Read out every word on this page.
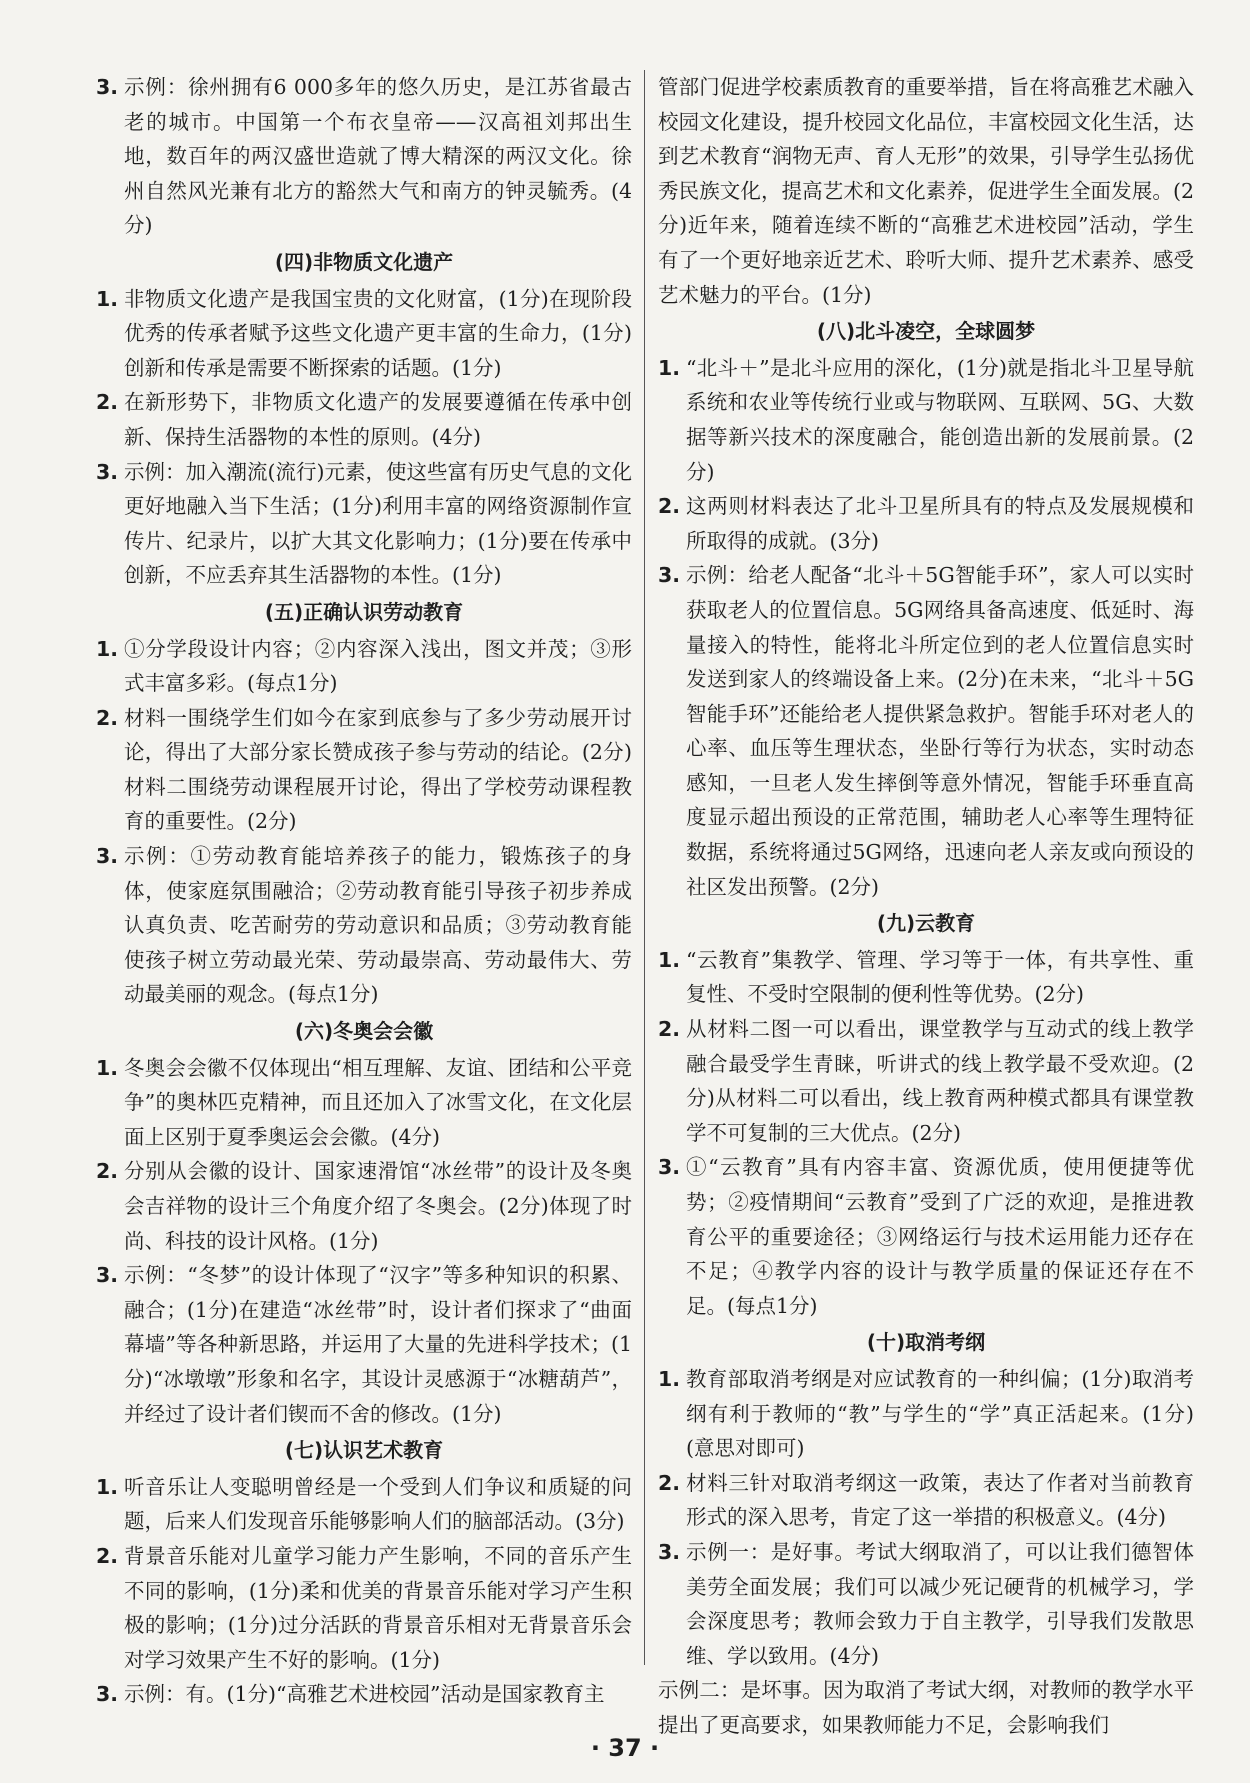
3. 示例：徐州拥有6 000多年的悠久历史，是江苏省最古老的城市。中国第一个布衣皇帝——汉高祖刘邦出生地，数百年的两汉盛世造就了博大精深的两汉文化。徐州自然风光兼有北方的豁然大气和南方的钟灵毓秀。(4分)
(四)非物质文化遗产
1. 非物质文化遗产是我国宝贵的文化财富，(1分)在现阶段优秀的传承者赋予这些文化遗产更丰富的生命力，(1分)创新和传承是需要不断探索的话题。(1分)
2. 在新形势下，非物质文化遗产的发展要遵循在传承中创新、保持生活器物的本性的原则。(4分)
3. 示例：加入潮流(流行)元素，使这些富有历史气息的文化更好地融入当下生活；(1分)利用丰富的网络资源制作宣传片、纪录片，以扩大其文化影响力；(1分)要在传承中创新，不应丢弃其生活器物的本性。(1分)
(五)正确认识劳动教育
1. ①分学段设计内容；②内容深入浅出，图文并茂；③形式丰富多彩。(每点1分)
2. 材料一围绕学生们如今在家到底参与了多少劳动展开讨论，得出了大部分家长赞成孩子参与劳动的结论。(2分)材料二围绕劳动课程展开讨论，得出了学校劳动课程教育的重要性。(2分)
3. 示例：①劳动教育能培养孩子的能力，锻炼孩子的身体，使家庭氛围融洽；②劳动教育能引导孩子初步养成认真负责、吃苦耐劳的劳动意识和品质；③劳动教育能使孩子树立劳动最光荣、劳动最崇高、劳动最伟大、劳动最美丽的观念。(每点1分)
(六)冬奥会会徽
1. 冬奥会会徽不仅体现出“相互理解、友谊、团结和公平竞争”的奥林匹克精神，而且还加入了冰雪文化，在文化层面上区别于夏季奥运会会徽。(4分)
2. 分别从会徽的设计、国家速滑馆“冰丝带”的设计及冬奥会吉祥物的设计三个角度介绍了冬奥会。(2分)体现了时尚、科技的设计风格。(1分)
3. 示例：“冬梦”的设计体现了“汉字”等多种知识的积累、融合；(1分)在建造“冰丝带”时，设计者们探求了“曲面幕墙”等各种新思路，并运用了大量的先进科学技术；(1分)“冰墩墩”形象和名字，其设计灵感源于“冰糖葫芦”，并经过了设计者们锲而不舍的修改。(1分)
(七)认识艺术教育
1. 听音乐让人变聪明曾经是一个受到人们争议和质疑的问题，后来人们发现音乐能够影响人们的脑部活动。(3分)
2. 背景音乐能对儿童学习能力产生影响，不同的音乐产生不同的影响，(1分)柔和优美的背景音乐能对学习产生积极的影响；(1分)过分活跃的背景音乐相对无背景音乐会对学习效果产生不好的影响。(1分)
3. 示例：有。(1分)“高雅艺术进校园”活动是国家教育主
管部门促进学校素质教育的重要举措，旨在将高雅艺术融入校园文化建设，提升校园文化品位，丰富校园文化生活，达到艺术教育“润物无声、育人无形”的效果，引导学生弘扬优秀民族文化，提高艺术和文化素养，促进学生全面发展。(2分)近年来，随着连续不断的“高雅艺术进校园”活动，学生有了一个更好地亲近艺术、聆听大师、提升艺术素养、感受艺术魅力的平台。(1分)
(八)北斗凌空，全球圆梦
1. “北斗＋”是北斗应用的深化，(1分)就是指北斗卫星导航系统和农业等传统行业或与物联网、互联网、5G、大数据等新兴技术的深度融合，能创造出新的发展前景。(2分)
2. 这两则材料表达了北斗卫星所具有的特点及发展规模和所取得的成就。(3分)
3. 示例：给老人配备“北斗＋5G智能手环”，家人可以实时获取老人的位置信息。5G网络具备高速度、低延时、海量接入的特性，能将北斗所定位到的老人位置信息实时发送到家人的终端设备上来。(2分)在未来，“北斗＋5G智能手环”还能给老人提供紧急救护。智能手环对老人的心率、血压等生理状态，坐卧行等行为状态，实时动态感知，一旦老人发生摔倒等意外情况，智能手环垂直高度显示超出预设的正常范围，辅助老人心率等生理特征数据，系统将通过5G网络，迅速向老人亲友或向预设的社区发出预警。(2分)
(九)云教育
1. “云教育”集教学、管理、学习等于一体，有共享性、重复性、不受时空限制的便利性等优势。(2分)
2. 从材料二图一可以看出，课堂教学与互动式的线上教学融合最受学生青睐，听讲式的线上教学最不受欢迎。(2分)从材料二可以看出，线上教育两种模式都具有课堂教学不可复制的三大优点。(2分)
3. ①“云教育”具有内容丰富、资源优质，使用便捷等优势；②疫情期间“云教育”受到了广泛的欢迎，是推进教育公平的重要途径；③网络运行与技术运用能力还存在不足；④教学内容的设计与教学质量的保证还存在不足。(每点1分)
(十)取消考纲
1. 教育部取消考纲是对应试教育的一种纠偏；(1分)取消考纲有利于教师的“教”与学生的“学”真正活起来。(1分)(意思对即可)
2. 材料三针对取消考纲这一政策，表达了作者对当前教育形式的深入思考，肯定了这一举措的积极意义。(4分)
3. 示例一：是好事。考试大纲取消了，可以让我们德智体美劳全面发展；我们可以减少死记硬背的机械学习，学会深度思考；教师会致力于自主教学，引导我们发散思维、学以致用。(4分)
示例二：是坏事。因为取消了考试大纲，对教师的教学水平提出了更高要求，如果教师能力不足，会影响我们
· 37 ·
